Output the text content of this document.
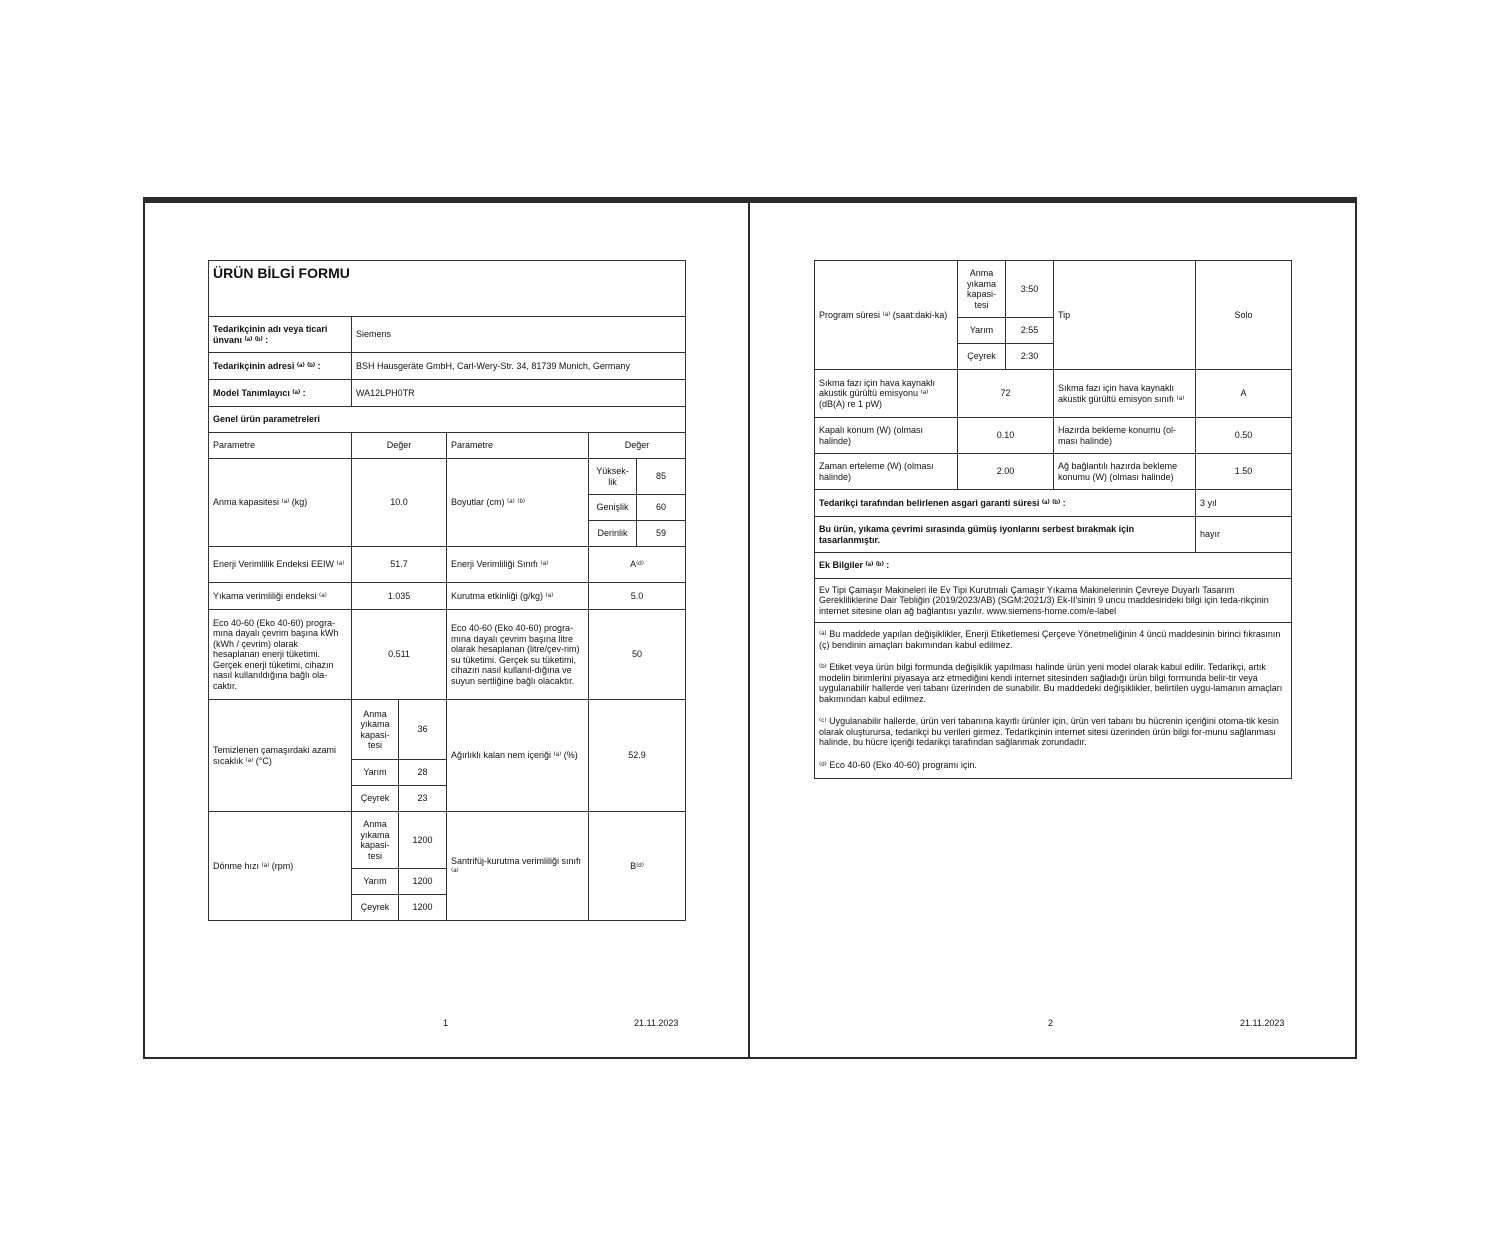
ÜRÜN BİLGİ FORMU					
Tedarikçinin adı veya ticari ünvanı ⁽ᵃ⁾ ⁽ᵇ⁾ :	Siemens				
Tedarikçinin adresi ⁽ᵃ⁾ ⁽ᵇ⁾ :	BSH Hausgeräte GmbH, Carl-Wery-Str. 34, 81739 Munich, Germany				
Model Tanımlayıcı ⁽ᵃ⁾ :	WA12LPH0TR				
Genel ürün parametreleri					
Parametre	Değer		Parametre	Değer	
Anma kapasitesi ⁽ᵃ⁾ (kg)	10.0		Boyutlar (cm) ⁽ᵃ⁾ ⁽ᵇ⁾	Yüksek-lik	85
				Genişlik	60
				Derinlik	59
Enerji Verimlilik Endeksi EEIW ⁽ᵃ⁾	51.7		Enerji Verimliliği Sınıfı ⁽ᵃ⁾	A⁽ᵈ⁾	
Yıkama verimliliği endeksi ⁽ᵃ⁾	1.035		Kurutma etkinliği (g/kg) ⁽ᵃ⁾	5.0	
Eco 40-60 (Eko 40-60) progra-mına dayalı çevrim başına kWh (kWh / çevrim) olarak hesaplanan enerji tüketimi. Gerçek enerji tüketimi, cihazın nasıl kullanıldığına bağlı ola-caktır.	0.511		Eco 40-60 (Eko 40-60) progra-mına dayalı çevrim başına litre olarak hesaplanan (litre/çev-rim) su tüketimi. Gerçek su tüketimi, cihazın nasıl kullanıl-dığına ve suyun sertliğine bağlı olacaktır.	50	
Temizlenen çamaşırdaki azami sıcaklık ⁽ᵃ⁾ (°C)	Anma yıkama kapasi-tesi	36	Ağırlıklı kalan nem içeriği ⁽ᵃ⁾ (%)	52.9	
	Yarım	28			
	Çeyrek	23			
Dönme hızı ⁽ᵃ⁾ (rpm)	Anma yıkama kapasi-tesi	1200	Santrifüj-kurutma verimliliği sınıfı ⁽ᵃ⁾	B⁽ᵈ⁾	
	Yarım	1200			
	Çeyrek	1200			
1	21.11.2023
Program süresi ⁽ᵃ⁾ (saat:daki-ka)	Anma yıkama kapasi-tesi	3:50	Tip	Solo
	Yarım	2:55		
	Çeyrek	2:30		
Sıkma fazı için hava kaynaklı akustik gürültü emisyonu ⁽ᵃ⁾ (dB(A) re 1 pW)	72		Sıkma fazı için hava kaynaklı akustik gürültü emisyon sınıfı ⁽ᵃ⁾	A
Kapalı konum (W) (olması halinde)	0.10		Hazırda bekleme konumu (ol-ması halinde)	0.50
Zaman erteleme (W) (olması halinde)	2.00		Ağ bağlantılı hazırda bekleme konumu (W) (olması halinde)	1.50
Tedarikçi tarafından belirlenen asgari garanti süresi ⁽ᵃ⁾ ⁽ᵇ⁾ :				3 yıl
Bu ürün, yıkama çevrimi sırasında gümüş iyonlarını serbest bırakmak için tasarlanmıştır.				hayır
Ek Bilgiler ⁽ᵃ⁾ ⁽ᵇ⁾ :				
Ev Tipi Çamaşır Makineleri ile Ev Tipi Kurutmalı Çamaşır Yıkama Makinelerinin Çevreye Duyarlı Tasarım Gerekliliklerine Dair Tebliğin (2019/2023/AB) (SGM:2021/3) Ek-II'sinin 9 uncu maddesindeki bilgi için teda-rikçinin internet sitesine olan ağ bağlantısı yazılır. www.siemens-home.com/e-label				

⁽ᵃ⁾ Bu maddede yapılan değişiklikler, Enerji Etiketlemesi Çerçeve Yönetmeliğinin 4 üncü maddesinin birinci fıkrasının (ç) bendinin amaçları bakımından kabul edilmez.
⁽ᵇ⁾ Etiket veya ürün bilgi formunda değişiklik yapılması halinde ürün yeni model olarak kabul edilir. Tedarikçi, artık modelin birimlerini piyasaya arz etmediğini kendi internet sitesinden sağladığı ürün bilgi formunda belir-tir veya uygulanabilir hallerde veri tabanı üzerinden de sunabilir. Bu maddedeki değişiklikler, belirtilen uygu-lamanın amaçları bakımından kabul edilmez.
⁽ᶜ⁾ Uygulanabilir hallerde, ürün veri tabanına kayıtlı ürünler için, ürün veri tabanı bu hücrenin içeriğini otoma-tik kesin olarak oluşturursa, tedarikçi bu verileri girmez. Tedarikçinin internet sitesi üzerinden ürün bilgi for-munu sağlanması halinde, bu hücre içeriği tedarikçi tarafından sağlanmak zorundadır.
⁽ᵈ⁾ Eco 40-60 (Eko 40-60) programı için.				
2	21.11.2023
